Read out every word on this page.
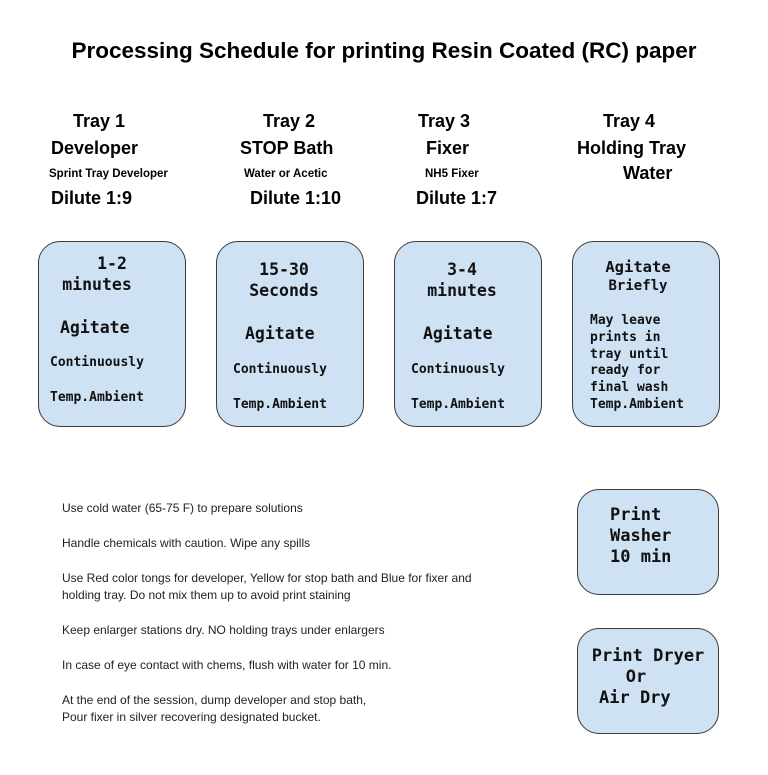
Processing Schedule for printing Resin Coated (RC) paper
Tray 1
Developer
Sprint Tray Developer
Dilute 1:9
Tray 2
STOP Bath
Water or Acetic
Dilute 1:10
Tray 3
Fixer
NH5 Fixer
Dilute 1:7
Tray 4
Holding Tray
Water
1-2
minutes
Agitate
Continuously
Temp.Ambient
15-30
Seconds
Agitate
Continuously
Temp.Ambient
3-4
minutes
Agitate
Continuously
Temp.Ambient
Agitate
Briefly
May leave
prints in
tray until
ready for
final wash
Temp.Ambient
Print
Washer
10 min
Print Dryer
Or
Air Dry
Use cold water (65-75 F) to prepare solutions
Handle chemicals with caution. Wipe any spills
Use Red color tongs for developer, Yellow for stop bath and Blue for fixer and
holding tray. Do not mix them up to avoid print staining
Keep enlarger stations dry. NO holding trays under enlargers
In case of eye contact with chems, flush with water for 10 min.
At the end of the session, dump developer and stop bath,
Pour fixer in silver recovering designated bucket.
